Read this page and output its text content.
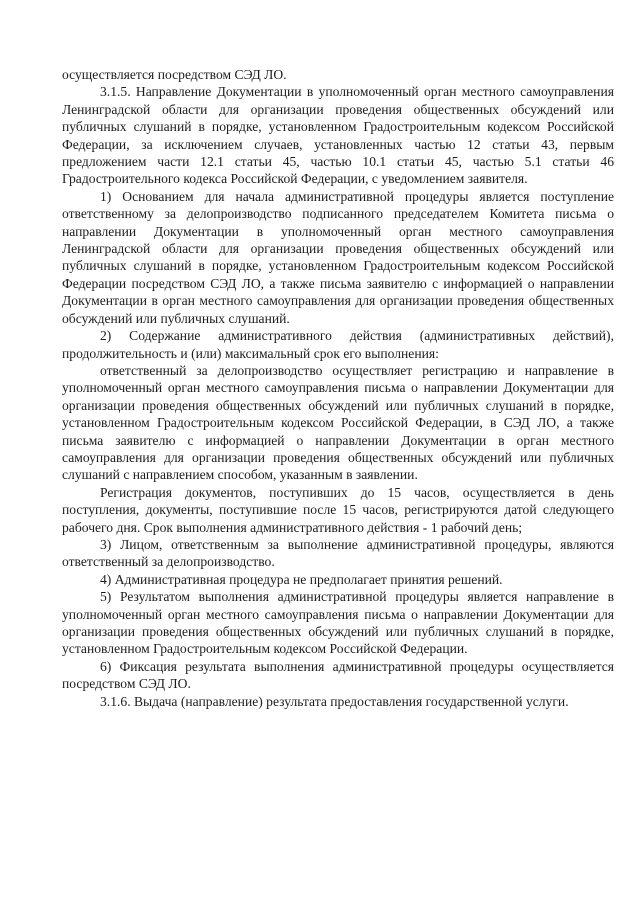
осуществляется посредством СЭД ЛО.

3.1.5. Направление Документации в уполномоченный орган местного самоуправления Ленинградской области для организации проведения общественных обсуждений или публичных слушаний в порядке, установленном Градостроительным кодексом Российской Федерации, за исключением случаев, установленных частью 12 статьи 43, первым предложением части 12.1 статьи 45, частью 10.1 статьи 45, частью 5.1 статьи 46 Градостроительного кодекса Российской Федерации, с уведомлением заявителя.

1) Основанием для начала административной процедуры является поступление ответственному за делопроизводство подписанного председателем Комитета письма о направлении Документации в уполномоченный орган местного самоуправления Ленинградской области для организации проведения общественных обсуждений или публичных слушаний в порядке, установленном Градостроительным кодексом Российской Федерации посредством СЭД ЛО, а также письма заявителю с информацией о направлении Документации в орган местного самоуправления для организации проведения общественных обсуждений или публичных слушаний.

2) Содержание административного действия (административных действий), продолжительность и (или) максимальный срок его выполнения:

ответственный за делопроизводство осуществляет регистрацию и направление в уполномоченный орган местного самоуправления письма о направлении Документации для организации проведения общественных обсуждений или публичных слушаний в порядке, установленном Градостроительным кодексом Российской Федерации, в СЭД ЛО, а также письма заявителю с информацией о направлении Документации в орган местного самоуправления для организации проведения общественных обсуждений или публичных слушаний с направлением способом, указанным в заявлении.

Регистрация документов, поступивших до 15 часов, осуществляется в день поступления, документы, поступившие после 15 часов, регистрируются датой следующего рабочего дня. Срок выполнения административного действия - 1 рабочий день;

3) Лицом, ответственным за выполнение административной процедуры, являются ответственный за делопроизводство.

4) Административная процедура не предполагает принятия решений.

5) Результатом выполнения административной процедуры является направление в уполномоченный орган местного самоуправления письма о направлении Документации для организации проведения общественных обсуждений или публичных слушаний в порядке, установленном Градостроительным кодексом Российской Федерации.

6) Фиксация результата выполнения административной процедуры осуществляется посредством СЭД ЛО.

3.1.6. Выдача (направление) результата предоставления государственной услуги.
